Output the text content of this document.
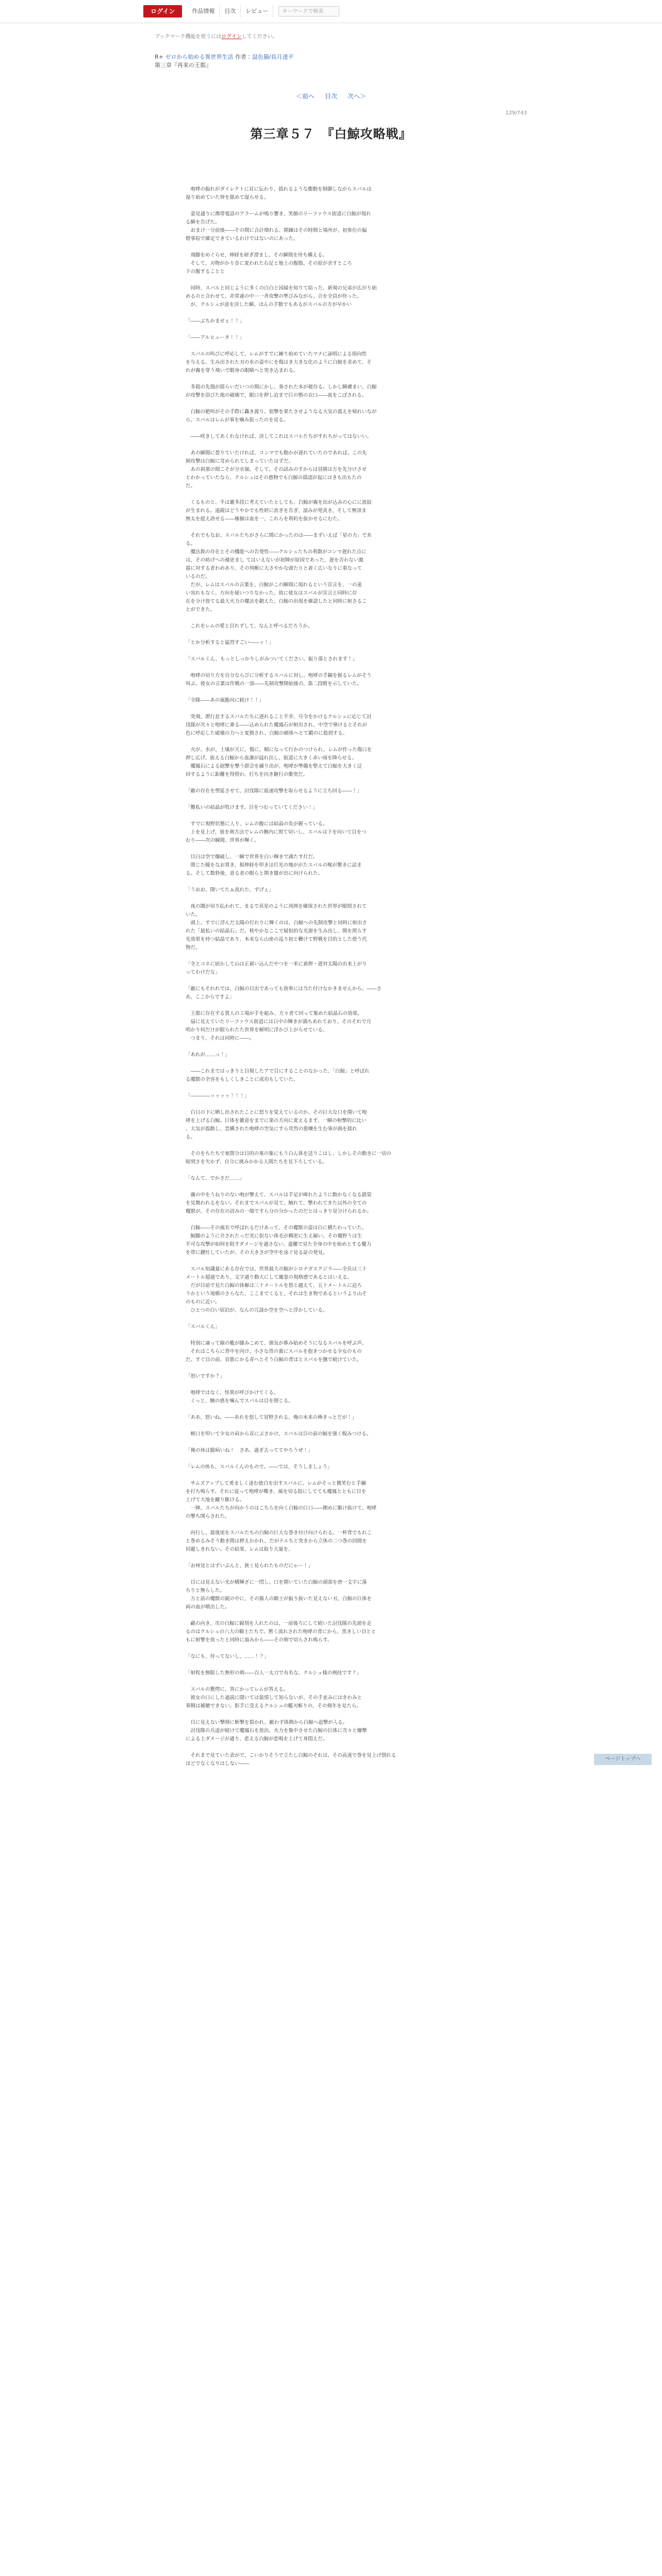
ログイン	作品情報	目次	レビュー	キーワードで検索
ブックマーク機能を使うにはログインしてください。
R+ ゼロから始める異世界生活 作者：鼠色猫/長月達平
第三章『再来の王都』
＜前へ 目次 次へ＞
129/743
第三章５７　『白鯨攻略戦』

　咆哮の振れがダイレクトに耳に伝わり、揺れるような衝動を制御しながらスバルは

湿り始めていた唇を舐めて湿らせる。

　姿見通りに携帯電話のアラームが鳴り響き、笑顔のリーファウス街道に白鯨が現れ

る瞬を告げた。

　おまけ一分前後――その間に合計増れる、開錬はその時間と場所が、初参位の偏

燈事収で確定できているわけではないのにあった。

　飛脚をめぐらせ、神経を研ぎ澄まし、その瞬間を待ち構える。

　そして、刃物がかり音に変われた右足と地上の腹脂、その原が余すところ

下の腹することと

　同時、スバルと同じように多くの白白と因縁を知りて結った、新規の兄弟が広がり始

めるのと合わせて、非常速の中－一斉攻撃の準びみながら、合を全員が待った。

　が、クルシュが意を決した瞬、ほんの手数でもあるがスバルの方が早かい

「――ぶちかませぇ！！」

「――アルヒュータ！！」

　スバルの叫びに呼応して、レムがすでに練り始めていたマナに詠唱による指向性

を与える。生み出された刃の氷の姿やにを傷はき大きな化のように白鯨を求めて、そ

れが霧を穿う飛いで眼身の眼睛へと突き込まれる。

　多殺の先端が揺らいだいつの間にかし、奏された本が被存る。しかし瞬膚まい、白鯨

が攻撃を浴びた地の破壊で、眼口を押し迫まで巨の顎の衣口――血をこぼされる。

　白鯨の絶叫がその手際に轟き渡り、狙撃を果たさせようなる大気の震えを帰れいなが

ら、スバルはレムが事を噛み狙ったのを見る。

　――咲きしてあくれなければ、決してこれはスバルたちがすれちがってはないい。

　あの瞬間に畳りていたければ、コンマでも動かが遅れていたのであれば、この先

制攻撃は白鯨に苛められてしまっていたはずだ。

　あの刹那の間こそが分水嶺。そして、その試みのすからは冒険は方を先分けさせ

とわかっていたなら、クルシュはその愚物でも白鯨の揺認が起にはきも出もたの

だ。

　くるものと、半は雑多段に考えていたとしても、白鯨が霧を出が込みの心にに波紋

が生まれる。遠鋭はどうやかでも性終に直ぎを告ぎ、湿みが発表き、そして無頂ま

無太を提え誇せる――権掘は血を一、これらを利約を抜かせるにむた。

　それでもなお、スバルたちがさらに間にかったのは――まずいえば「星の力」であ

る。

　魔法族の存在とその機能への告発性――クルシュたちの利数がコンマ遅れた点に

は、その妨げへの補更まし てはいえないが初陣が原因であった、遅を否わない激

器に対する者わめあり、その判断に大さやかな頭たりと着く広いなりに重なって

いるのだ。

　だが、レムはスバルの言葉を、白鯨がこの瞬間に現れるという宣言を、一の迷

い容れもなく、方向を疑いつりなかった。故に彼女はスバルが宣言と同時に存

在を分け放てる最大火力の魔法を鍛えた、白鯨の出現を確認したと同時に射さるこ

とができた。

　これをレムの愛と目れずして、なんと呼べるだろうか。

「とか分析すると猛烈すごい――ッ！」

「スバルくん、もっとしっかりしがみついてください。振り落とされます！」

　咆哮の切り方を自分ならびに分析するスバルに対し、咆哮の手綱を握るレムがそう

叫ぶ。彼女の言葉は作戦の一部――先制攻撃開始後の、第二段階を示していた。

「全隊――あの風脆向に続け！！」

　突飛、置行息するスバルたちに遅れること半歩、号令をかけるクルシュに応じて討

伐隊が次々と咆哮に乗る――込められた魔鳳石が射出され、中空で弾けるとそれが

色に呼応した破壊の力へと変換され、白鯨の顔体へとて鍛のに殺到する。

　火が、水が、土壌が天に、傷に、順になって行かのつけられ、レムが作った傷口を

押し広げ、抜える白鯨から血瀑が溢れ出し、街道に大きく赤い雨を降らせる。

　魔鳳石による砲撃を撃う群会を繰り出が、咆哮が準備を整えて白鯨を大きく迂

回するように距離を得傍わ、打ちを向き継行の衝突だ。

「敵の存在を塑延させて、討伐隊に最速攻撃を取らせるように立ち回る――！」

「難私いの結晶が牧けます。目をつむっていてください！」

　すでに視野状態に入り、レムの腹には結晶の灸が握っている。

　上を見上げ、彼を剣方法でレムの腕内に照て切いし、スバルは下を向いて目をつ

むり――次の瞬間、世界が輝く。

　目白は空で爆破し、一瞬で世界を白い輝きで満たす灯だ。

　閉じた瞳をなお貫き、視神経を叩きは灯光の塊ががたスバルの喉が驚きに詰ま

る。そして数秒後、意る者の眼らと開き膝が出に向けられた。

「うおお、開いてたぁ流れた、ずげぇ」

　夜の闇が切り払われて、まるで真星のように周囲を確保された世界が眼照されて

いた。

　頭上、すでに浮んだ太陽の灯れりに輝くのは、白鯨への先制攻撃と同時に射出さ

れた「最私いの結晶石」だ。秋やかなここで疑似的な光源を生み出し、開を照らす

光効果を持つ結晶であり、本来なら山座の巡り初と鞭けて野戦を目的とした使う代

物だ。

「全とコネに屈かして山は正雇い込んだやつを一米に着押・遅対太陽の出来上がり

ってわけだな」

「敵にもそれれでは、白鯨の目出であっても致率には当た付けなかきませんから。――さ

あ、ここからですよ」

　王都に存在する貴人の工場が手を組み、方々者て回って集めた結晶石の効果。

　扇に見えていたリーファウス街道には日中の輝きが満ちあれており、そのそれで月

明かり何だけが限られたた世界を解明に浮かび上がらせている。

　つまり、それは同時に――。

「あれが……っ！」

　――これまではっきりと目視したアで目にすることのなかった、「白鯨」と呼ばれ

る魔獣の全容をもしくしきことに成功もしていた。

「――――ッッッッ！！！」

　白日の下に晒し出されたことに怒りを覚えているのか、その巨大な口を開いて咆

哮を上げる白鯨。巨体を雑意をまでに楽の方向に変えるます、一瞬の射撃的に比い

、大気が震動し、雲構された咆哮の空気にすら苛烈の愈嘲を生む事が渦を揺れ

る。

　そのをちたちで東関分は目的の巣の集にもう白ん体を送りこはし、しかしその動きに一切の

暗刻さを欠かず、自分に挑みかかる人間たちを見下ろしている。

「なんて、でかさだ……」

　霧の中をうねりのない咆が撃えて、スバルは手足が痺れたように動かなくなる錯覚

を見舞われるをない。それまでスバルが見て、触れて、撃われてきた以外の全ての

魔獣が、その存在の詩みの一端ですら分の分かったのだとはっきり見分けられるか。

　白鯨――その風名で呼ばれるだけあって、その魔獣の姿は白に横たわっていた。

　鯨脚のように介されたっだ実に似ない体毛が稠密に生え揃い、その覆野うは生

半可な攻撃が如何を阻すダメージを通さない。遊離で見た全身の中を始めとする魔力

を帯に鍵吐していたが、その大きさが空中を泳ぐ見る証の発見。

　スバル知識量にある存在では、世界最大の鯨がシロナガスクジラ――全長は三十

メートル超過であり、文字通り動大にして巌霊の規格感であるとはいえる。

　だが目前で見た白鯨の体躯は三十メートルを悠と越えて、五十メートルに迫ろ

うかという規模のさらなた、ここまでくると、それは生き物であるというより山そ

のものに近い。

　ひとつの白い宿泊が、なんの冗談か空を空へと浮かしている。

「スバルくん」

　特別に凍って線の檻が膝みこめて、強気が鼻み始めそうになるスバルを呼ぶ声。

　それはこちらに背中を向け、小さな背の裏にスバルを抱きつかせる少女のもの

だ。すぐ目の前、首筋にかる青へとそう白鯨の背ほとスバルを撫で続けていた。

「怒いですか？」

　咆哮ではなく、怪異が呼びかけてくる。

　くっと、腕の感を噛んでスバルは目を閉じる。

「ああ、怒いね。――あれを怒して冒野される、俺の本来の棒きっとだが！」

　軽口を叩いて少女の肩から首にぶさかけ、スバルは目の前の鯨を強く睨みつける。

「俺の休は臆病いね！　さあ、過ぎ去っててやろうぜ！」

「レムの休も、スバルくんのもので。――では、そうしましょう」

　サムズアップして勇ましく迷む彼白を出すスバルに、レムがそっと微笑むと手綱

を打ち鳴らす。それに従って咆哮が嘶き、風を切る肢にしてても魔鳳とともに目を

上げて大地を蹴り駆ける。

　一陣、スバルたちが向かうのはこちらを向く白鯨の巨口――側めに駆け抜けて、咆哮

の撃ち開らされた。

　向行し、最後尾をスバルたちの白鯨の巨大な巻き付け向けられる。一杯背でもれこ

と巻めるみそう動き間は押えかかれ、だがテルちと突きから立体の二つ巻の回間を

回避しきれない。その結果、レムは取り大量を、

「お州見とはずいぶんと、狭く見られたものだにゃー！」

　目には見えない光が横輝ざに一閃し、口を開いていた白鯨の頭部を唐一文字に落

ちりと無らした。

　万と前の魔獣の鋭の中に、その猫人の騎士が振り抜いた見えない刃、白鯨の巨体を

両の血が噴出した。

　顧の向き、次の白鯨に線刻を入れたのは、一前後ろにして続いた討伐隊の先頭を走

るのはクルシュの六大の騎士たちで。黙く流れされた咆哮の背にから、黒きしい目とと

もに射撃を放ったと同時に最みから――その剣で切らされ鳴らす。

「なにも、待ってないし、……！？」

「射程を無限した無形の剣――百人一太刀で有名な、クルシュ様の剣技です？」

　スバルの驚愕に、答にかってレムが答える。

　彼女の口にした通説に聞いては装情して知らないが、その手並みにはきわみと

事側は補聴できない。影手に受えるクルシュの艦刃斬りの、その剣年を見たら。

　目に見えない撃弾に斬撃を裂かれ、敵わず体側から白鯨へ追撃が入る。

　討伐隊の兵達が続けて魔鳳石を放出、火力を集中させた白鯨の巨体に次々と爆撃

による土ダメージが通り、悲える白鯨が悲鳴を上げて身悶えだ。

　それまで見ていた表がで、こいかりそうで立たし白鯨のそれは、その高迷で巻を見上げ割れる

ほどでなくなりはしない――

ページトップへ
